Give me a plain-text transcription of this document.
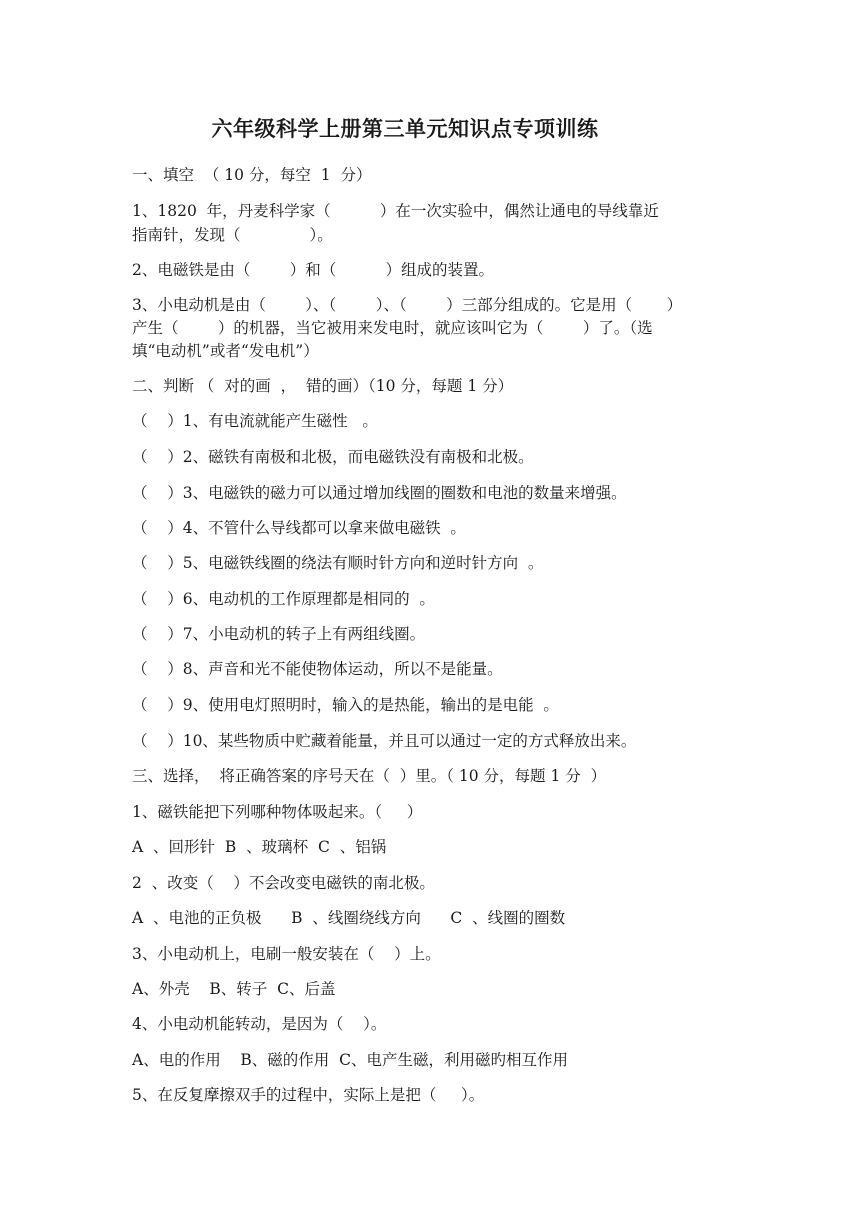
六年级科学上册第三单元知识点专项训练
一、填空  （ 10 分，每空  1  分）
1、1820  年，丹麦科学家（          ）在一次实验中，偶然让通电的导线靠近
指南针，发现（              ）。
2、电磁铁是由（        ）和（          ）组成的装置。
3、小电动机是由（        ）、（        ）、（        ）三部分组成的。它是用（       ）
产生（        ）的机器，当它被用来发电时，就应该叫它为（        ）了。（选
填“电动机”或者“发电机”）
二、判断 （  对的画  ，  错的画）（10 分，每题 1 分）
（    ）1、有电流就能产生磁性   。
（    ）2、磁铁有南极和北极，而电磁铁没有南极和北极。
（    ）3、电磁铁的磁力可以通过增加线圈的圈数和电池的数量来增强。
（    ）4、不管什么导线都可以拿来做电磁铁  。
（    ）5、电磁铁线圈的绕法有顺时针方向和逆时针方向  。
（    ）6、电动机的工作原理都是相同的  。
（    ）7、小电动机的转子上有两组线圈。
（    ）8、声音和光不能使物体运动，所以不是能量。
（    ）9、使用电灯照明时，输入的是热能，输出的是电能  。
（    ）10、某些物质中贮藏着能量，并且可以通过一定的方式释放出来。
三、选择，  将正确答案的序号天在（  ）里。（ 10 分，每题 1 分  ）
1、磁铁能把下列哪种物体吸起来。（     ）
A  、回形针  B  、玻璃杯  C  、铝锅
2  、改变（    ）不会改变电磁铁的南北极。
A  、电池的正负极      B  、线圈绕线方向      C  、线圈的圈数
3、小电动机上，电刷一般安装在（    ）上。
A、外壳    B、转子  C、后盖
4、小电动机能转动，是因为（    ）。
A、电的作用    B、磁的作用  C、电产生磁，利用磁旳相互作用
5、在反复摩擦双手的过程中，实际上是把（     ）。
